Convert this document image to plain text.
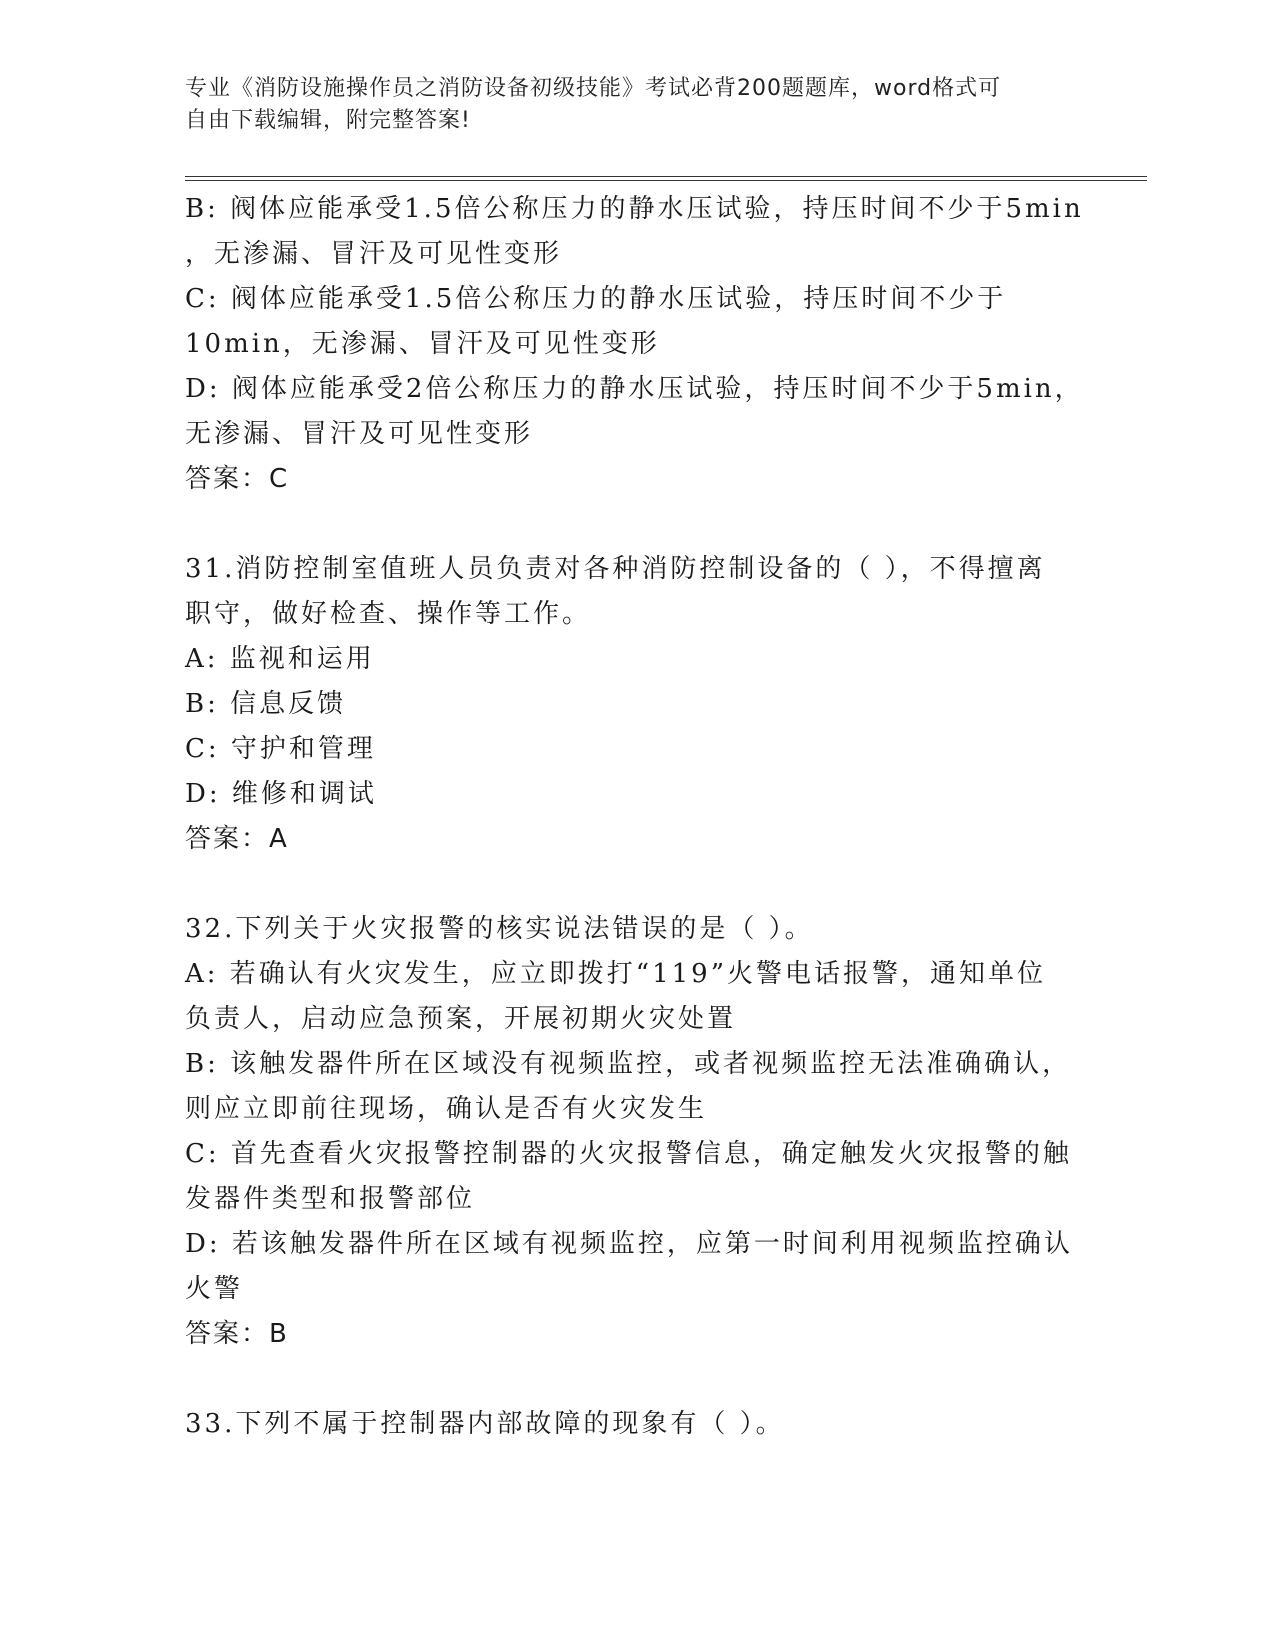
专业《消防设施操作员之消防设备初级技能》考试必背200题题库，word格式可
自由下载编辑，附完整答案!
B: 阀体应能承受1.5倍公称压力的静水压试验，持压时间不少于5min
，无渗漏、冒汗及可见性变形
C: 阀体应能承受1.5倍公称压力的静水压试验，持压时间不少于
10min，无渗漏、冒汗及可见性变形
D: 阀体应能承受2倍公称压力的静水压试验，持压时间不少于5min，
无渗漏、冒汗及可见性变形
答案：C
31.消防控制室值班人员负责对各种消防控制设备的（ ），不得擅离
职守，做好检查、操作等工作。
A: 监视和运用
B: 信息反馈
C: 守护和管理
D: 维修和调试
答案：A
32.下列关于火灾报警的核实说法错误的是（ ）。
A: 若确认有火灾发生，应立即拨打“119”火警电话报警，通知单位
负责人，启动应急预案，开展初期火灾处置
B: 该触发器件所在区域没有视频监控，或者视频监控无法准确确认，
则应立即前往现场，确认是否有火灾发生
C: 首先查看火灾报警控制器的火灾报警信息，确定触发火灾报警的触
发器件类型和报警部位
D: 若该触发器件所在区域有视频监控，应第一时间利用视频监控确认
火警
答案：B
33.下列不属于控制器内部故障的现象有（ ）。
